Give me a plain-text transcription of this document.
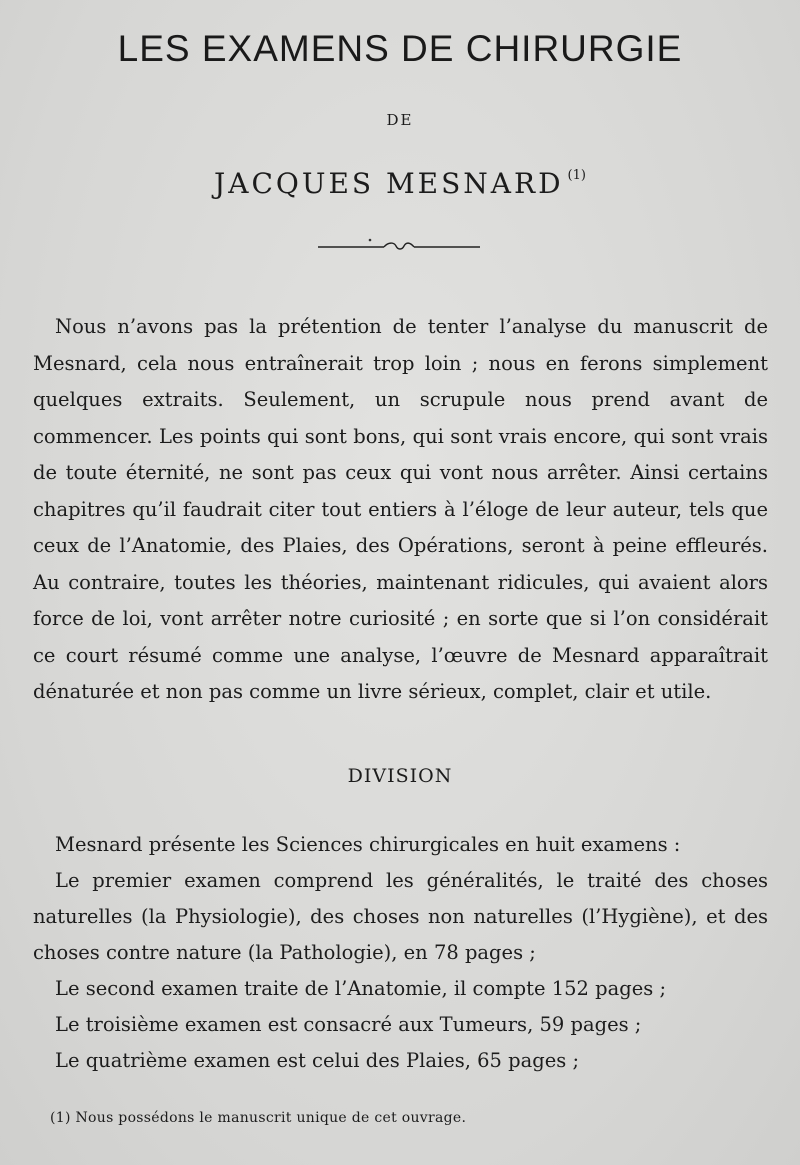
LES EXAMENS DE CHIRURGIE
DE
JACQUES MESNARD $^{(1)}$

Nous n’avons pas la prétention de tenter l’analyse du manuscrit de Mesnard, cela nous entraînerait trop loin ; nous en ferons simplement quelques extraits. Seulement, un scrupule nous prend avant de commencer. Les points qui sont bons, qui sont vrais encore, qui sont vrais de toute éternité, ne sont pas ceux qui vont nous arrêter. Ainsi certains chapitres qu’il faudrait citer tout entiers à l’éloge de leur auteur, tels que ceux de l’Anatomie, des Plaies, des Opérations, seront à peine effleurés. Au contraire, toutes les théories, maintenant ridicules, qui avaient alors force de loi, vont arrêter notre curiosité ; en sorte que si l’on considérait ce court résumé comme une analyse, l’œuvre de Mesnard apparaîtrait dénaturée et non pas comme un livre sérieux, complet, clair et utile.

DIVISION
Mesnard présente les Sciences chirurgicales en huit examens :
Le premier examen comprend les généralités, le traité des choses naturelles (la Physiologie), des choses non naturelles (l’Hygiène), et des choses contre nature (la Pathologie), en 78 pages ;
Le second examen traite de l’Anatomie, il compte 152 pages ;
Le troisième examen est consacré aux Tumeurs, 59 pages ;
Le quatrième examen est celui des Plaies, 65 pages ;
(1) Nous possédons le manuscrit unique de cet ouvrage.
